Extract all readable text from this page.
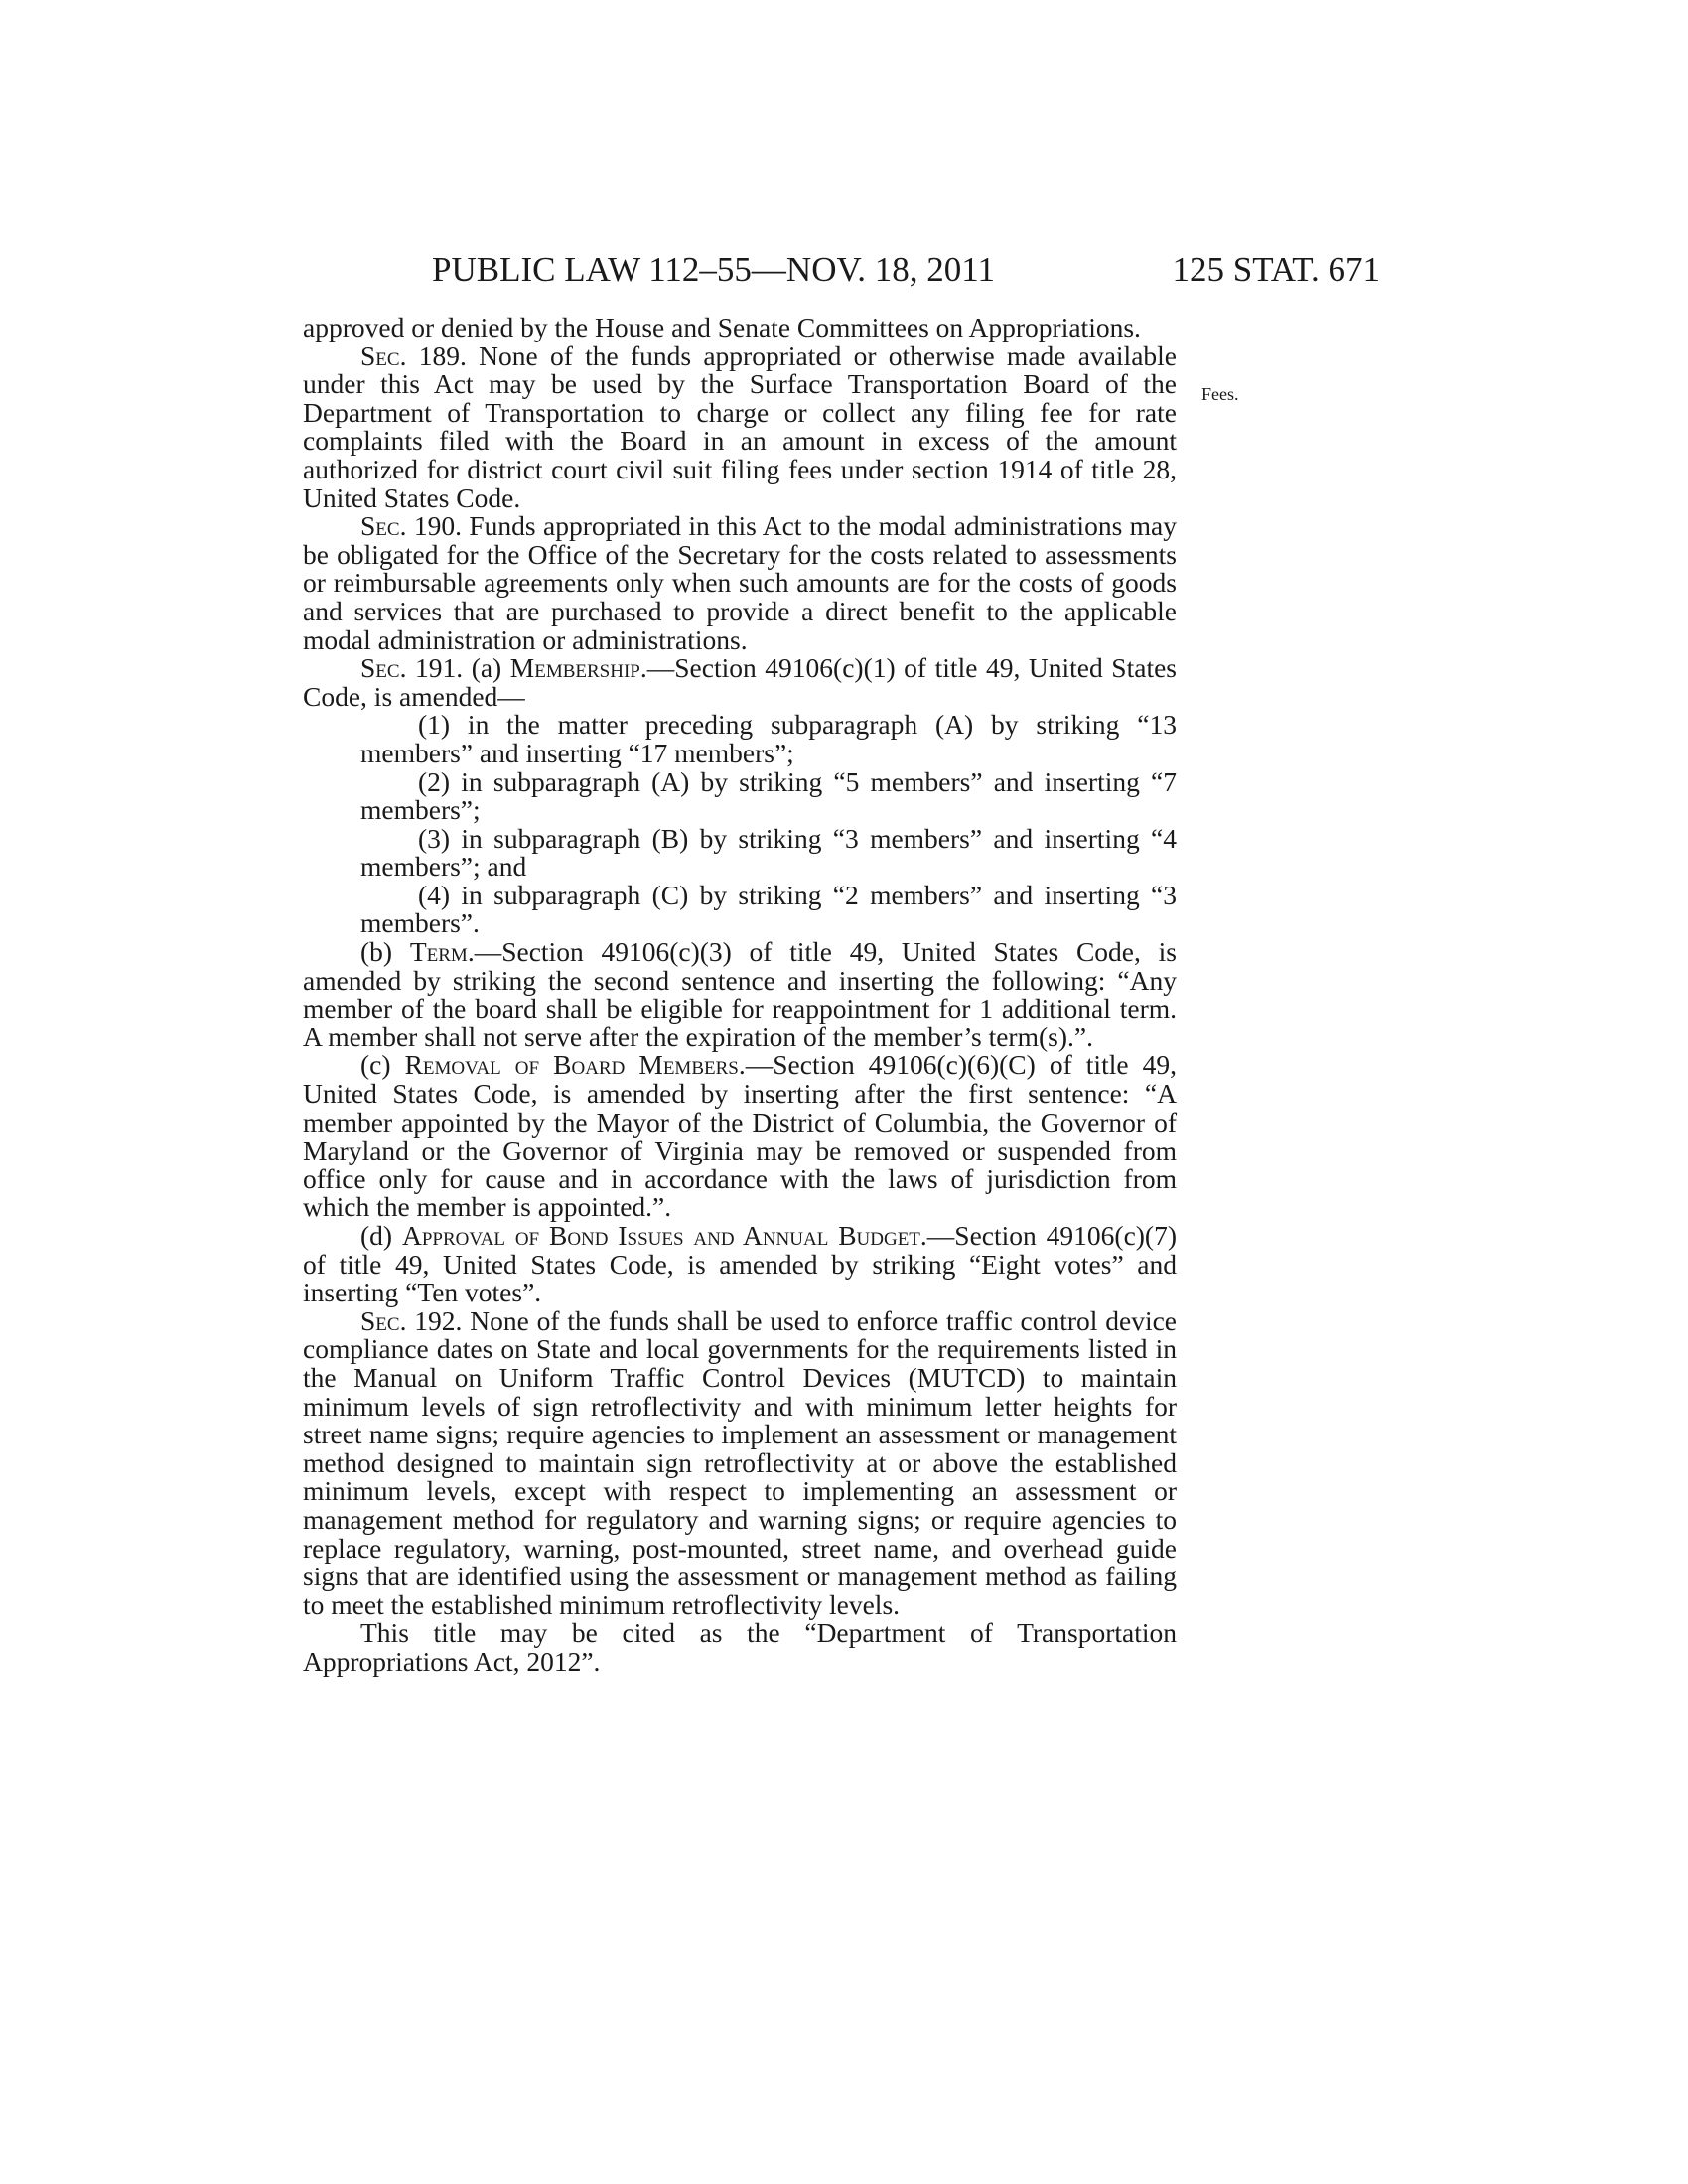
PUBLIC LAW 112–55—NOV. 18, 2011	125 STAT. 671
Fees.

approved or denied by the House and Senate Committees on Appropriations.

Sec. 189. None of the funds appropriated or otherwise made available under this Act may be used by the Surface Transportation Board of the Department of Transportation to charge or collect any filing fee for rate complaints filed with the Board in an amount in excess of the amount authorized for district court civil suit filing fees under section 1914 of title 28, United States Code.

Sec. 190. Funds appropriated in this Act to the modal administrations may be obligated for the Office of the Secretary for the costs related to assessments or reimbursable agreements only when such amounts are for the costs of goods and services that are purchased to provide a direct benefit to the applicable modal administration or administrations.

Sec. 191. (a) Membership.—Section 49106(c)(1) of title 49, United States Code, is amended—

(1) in the matter preceding subparagraph (A) by striking “13 members” and inserting “17 members”;

(2) in subparagraph (A) by striking “5 members” and inserting “7 members”;

(3) in subparagraph (B) by striking “3 members” and inserting “4 members”; and

(4) in subparagraph (C) by striking “2 members” and inserting “3 members”.

(b) Term.—Section 49106(c)(3) of title 49, United States Code, is amended by striking the second sentence and inserting the following: “Any member of the board shall be eligible for reappointment for 1 additional term. A member shall not serve after the expiration of the member’s term(s).”.

(c) Removal of Board Members.—Section 49106(c)(6)(C) of title 49, United States Code, is amended by inserting after the first sentence: “A member appointed by the Mayor of the District of Columbia, the Governor of Maryland or the Governor of Virginia may be removed or suspended from office only for cause and in accordance with the laws of jurisdiction from which the member is appointed.”.

(d) Approval of Bond Issues and Annual Budget.—Section 49106(c)(7) of title 49, United States Code, is amended by striking “Eight votes” and inserting “Ten votes”.

Sec. 192. None of the funds shall be used to enforce traffic control device compliance dates on State and local governments for the requirements listed in the Manual on Uniform Traffic Control Devices (MUTCD) to maintain minimum levels of sign retroflectivity and with minimum letter heights for street name signs; require agencies to implement an assessment or management method designed to maintain sign retroflectivity at or above the established minimum levels, except with respect to implementing an assessment or management method for regulatory and warning signs; or require agencies to replace regulatory, warning, post-mounted, street name, and overhead guide signs that are identified using the assessment or management method as failing to meet the established minimum retroflectivity levels.

This title may be cited as the “Department of Transportation Appropriations Act, 2012”.
